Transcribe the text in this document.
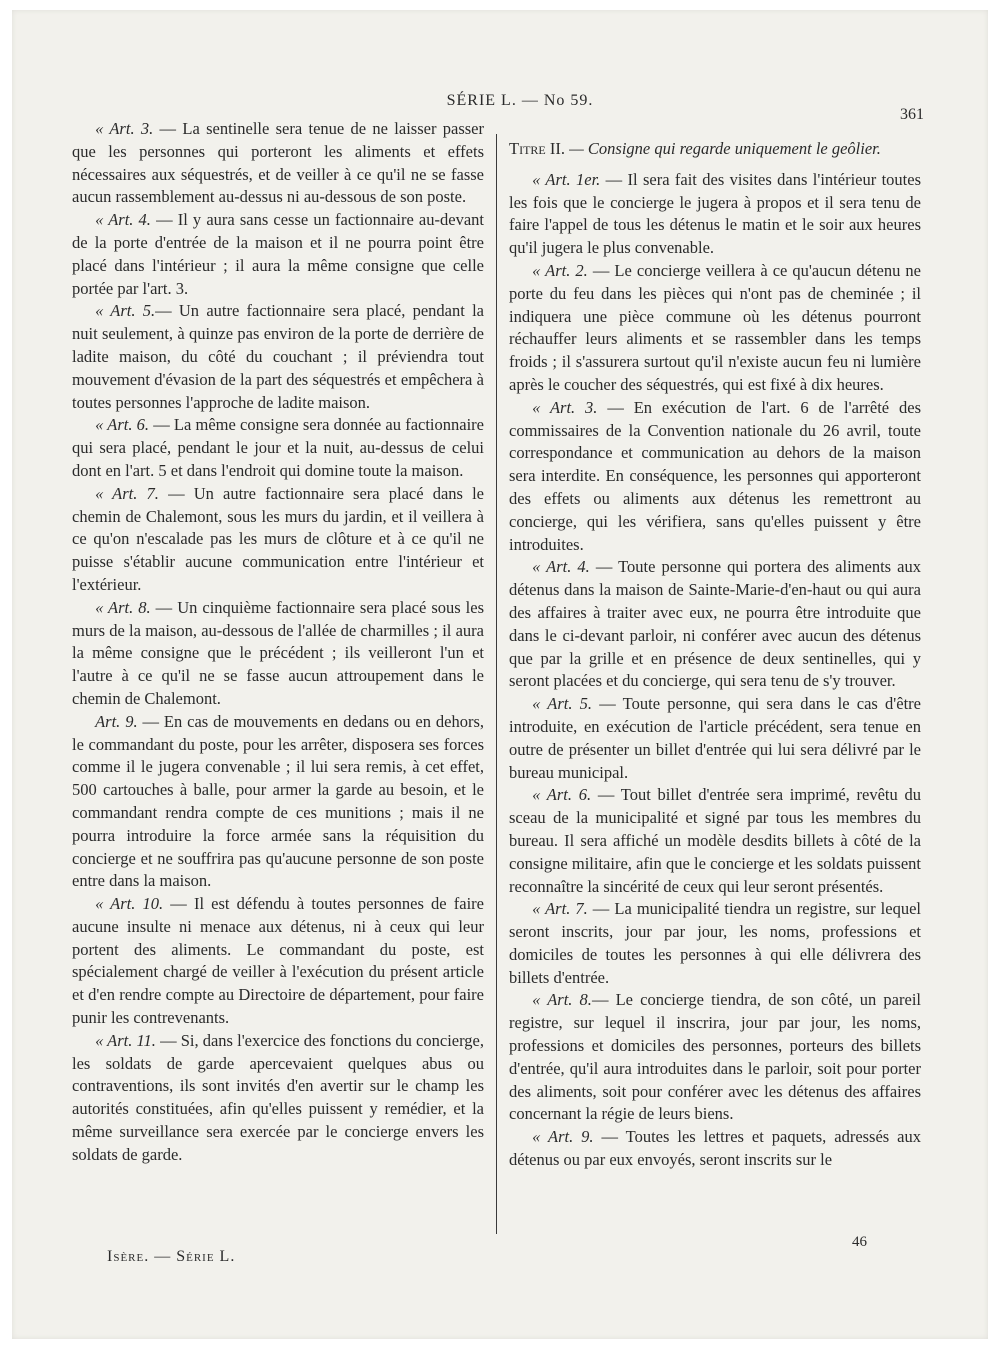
SÉRIE L. — No 59.
361

« Art. 3. — La sentinelle sera tenue de ne laisser passer que les personnes qui porteront les aliments et effets nécessaires aux séquestrés, et de veiller à ce qu'il ne se fasse aucun rassemblement au-dessus ni au-dessous de son poste.

« Art. 4. — Il y aura sans cesse un factionnaire au-devant de la porte d'entrée de la maison et il ne pourra point être placé dans l'intérieur ; il aura la même consigne que celle portée par l'art. 3.

« Art. 5.— Un autre factionnaire sera placé, pendant la nuit seulement, à quinze pas environ de la porte de derrière de ladite maison, du côté du couchant ; il préviendra tout mouvement d'évasion de la part des séquestrés et empêchera à toutes personnes l'approche de ladite maison.

« Art. 6. — La même consigne sera donnée au factionnaire qui sera placé, pendant le jour et la nuit, au-dessus de celui dont en l'art. 5 et dans l'endroit qui domine toute la maison.

« Art. 7. — Un autre factionnaire sera placé dans le chemin de Chalemont, sous les murs du jardin, et il veillera à ce qu'on n'escalade pas les murs de clôture et à ce qu'il ne puisse s'établir aucune communication entre l'intérieur et l'extérieur.

« Art. 8. — Un cinquième factionnaire sera placé sous les murs de la maison, au-dessous de l'allée de charmilles ; il aura la même consigne que le précédent ; ils veilleront l'un et l'autre à ce qu'il ne se fasse aucun attroupement dans le chemin de Chalemont.

Art. 9. — En cas de mouvements en dedans ou en dehors, le commandant du poste, pour les arrêter, disposera ses forces comme il le jugera convenable ; il lui sera remis, à cet effet, 500 cartouches à balle, pour armer la garde au besoin, et le commandant rendra compte de ces munitions ; mais il ne pourra introduire la force armée sans la réquisition du concierge et ne souffrira pas qu'aucune personne de son poste entre dans la maison.

« Art. 10. — Il est défendu à toutes personnes de faire aucune insulte ni menace aux détenus, ni à ceux qui leur portent des aliments. Le commandant du poste, est spécialement chargé de veiller à l'exécution du présent article et d'en rendre compte au Directoire de département, pour faire punir les contrevenants.

« Art. 11. — Si, dans l'exercice des fonctions du concierge, les soldats de garde apercevaient quelques abus ou contraventions, ils sont invités d'en avertir sur le champ les autorités constituées, afin qu'elles puissent y remédier, et la même surveillance sera exercée par le concierge envers les soldats de garde.

Titre II. — Consigne qui regarde uniquement le geôlier.

« Art. 1er. — Il sera fait des visites dans l'intérieur toutes les fois que le concierge le jugera à propos et il sera tenu de faire l'appel de tous les détenus le matin et le soir aux heures qu'il jugera le plus convenable.

« Art. 2. — Le concierge veillera à ce qu'aucun détenu ne porte du feu dans les pièces qui n'ont pas de cheminée ; il indiquera une pièce commune où les détenus pourront réchauffer leurs aliments et se rassembler dans les temps froids ; il s'assurera surtout qu'il n'existe aucun feu ni lumière après le coucher des séquestrés, qui est fixé à dix heures.

« Art. 3. — En exécution de l'art. 6 de l'arrêté des commissaires de la Convention nationale du 26 avril, toute correspondance et communication au dehors de la maison sera interdite. En conséquence, les personnes qui apporteront des effets ou aliments aux détenus les remettront au concierge, qui les vérifiera, sans qu'elles puissent y être introduites.

« Art. 4. — Toute personne qui portera des aliments aux détenus dans la maison de Sainte-Marie-d'en-haut ou qui aura des affaires à traiter avec eux, ne pourra être introduite que dans le ci-devant parloir, ni conférer avec aucun des détenus que par la grille et en présence de deux sentinelles, qui y seront placées et du concierge, qui sera tenu de s'y trouver.

« Art. 5. — Toute personne, qui sera dans le cas d'être introduite, en exécution de l'article précédent, sera tenue en outre de présenter un billet d'entrée qui lui sera délivré par le bureau municipal.

« Art. 6. — Tout billet d'entrée sera imprimé, revêtu du sceau de la municipalité et signé par tous les membres du bureau. Il sera affiché un modèle desdits billets à côté de la consigne militaire, afin que le concierge et les soldats puissent reconnaître la sincérité de ceux qui leur seront présentés.

« Art. 7. — La municipalité tiendra un registre, sur lequel seront inscrits, jour par jour, les noms, professions et domiciles de toutes les personnes à qui elle délivrera des billets d'entrée.

« Art. 8.— Le concierge tiendra, de son côté, un pareil registre, sur lequel il inscrira, jour par jour, les noms, professions et domiciles des personnes, porteurs des billets d'entrée, qu'il aura introduites dans le parloir, soit pour porter des aliments, soit pour conférer avec les détenus des affaires concernant la régie de leurs biens.

« Art. 9. — Toutes les lettres et paquets, adressés aux détenus ou par eux envoyés, seront inscrits sur le

Isère. — Série L.
46
